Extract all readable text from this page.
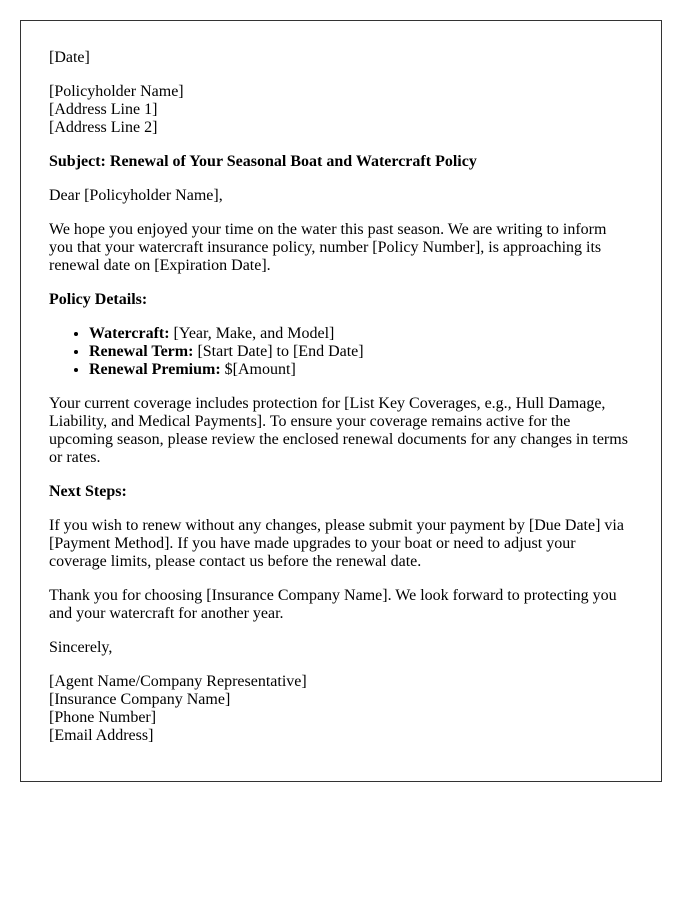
[Date]

[Policyholder Name]
[Address Line 1]
[Address Line 2]

Subject: Renewal of Your Seasonal Boat and Watercraft Policy

Dear [Policyholder Name],

We hope you enjoyed your time on the water this past season. We are writing to inform you that your watercraft insurance policy, number [Policy Number], is approaching its renewal date on [Expiration Date].

Policy Details:

• Watercraft: [Year, Make, and Model]
• Renewal Term: [Start Date] to [End Date]
• Renewal Premium: $[Amount]

Your current coverage includes protection for [List Key Coverages, e.g., Hull Damage, Liability, and Medical Payments]. To ensure your coverage remains active for the upcoming season, please review the enclosed renewal documents for any changes in terms or rates.

Next Steps:

If you wish to renew without any changes, please submit your payment by [Due Date] via [Payment Method]. If you have made upgrades to your boat or need to adjust your coverage limits, please contact us before the renewal date.

Thank you for choosing [Insurance Company Name]. We look forward to protecting you and your watercraft for another year.

Sincerely,

[Agent Name/Company Representative]
[Insurance Company Name]
[Phone Number]
[Email Address]
